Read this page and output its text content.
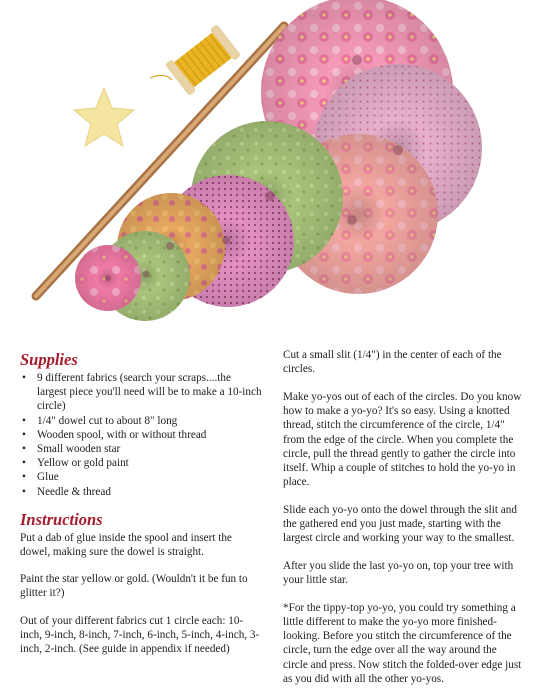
Supplies
• 9 different fabrics (search your scraps....the largest piece you'll need will be to make a 10-inch circle)
• 1/4" dowel cut to about 8" long
• Wooden spool, with or without thread
• Small wooden star
• Yellow or gold paint
• Glue
• Needle & thread
Instructions

Put a dab of glue inside the spool and insert the dowel, making sure the dowel is straight.

Paint the star yellow or gold. (Wouldn't it be fun to glitter it?)

Out of your different fabrics cut 1 circle each: 10-inch, 9-inch, 8-inch, 7-inch, 6-inch, 5-inch, 4-inch, 3-inch, 2-inch. (See guide in appendix if needed)

Cut a small slit (1/4") in the center of each of the circles.

Make yo-yos out of each of the circles. Do you know how to make a yo-yo? It's so easy. Using a knotted thread, stitch the circumference of the circle, 1/4" from the edge of the circle. When you complete the circle, pull the thread gently to gather the circle into itself. Whip a couple of stitches to hold the yo-yo in place.

Slide each yo-yo onto the dowel through the slit and the gathered end you just made, starting with the largest circle and working your way to the smallest.

After you slide the last yo-yo on, top your tree with your little star.

*For the tippy-top yo-yo, you could try something a little different to make the yo-yo more finished-looking. Before you stitch the circumference of the circle, turn the edge over all the way around the circle and press. Now stitch the folded-over edge just as you did with all the other yo-yos.
